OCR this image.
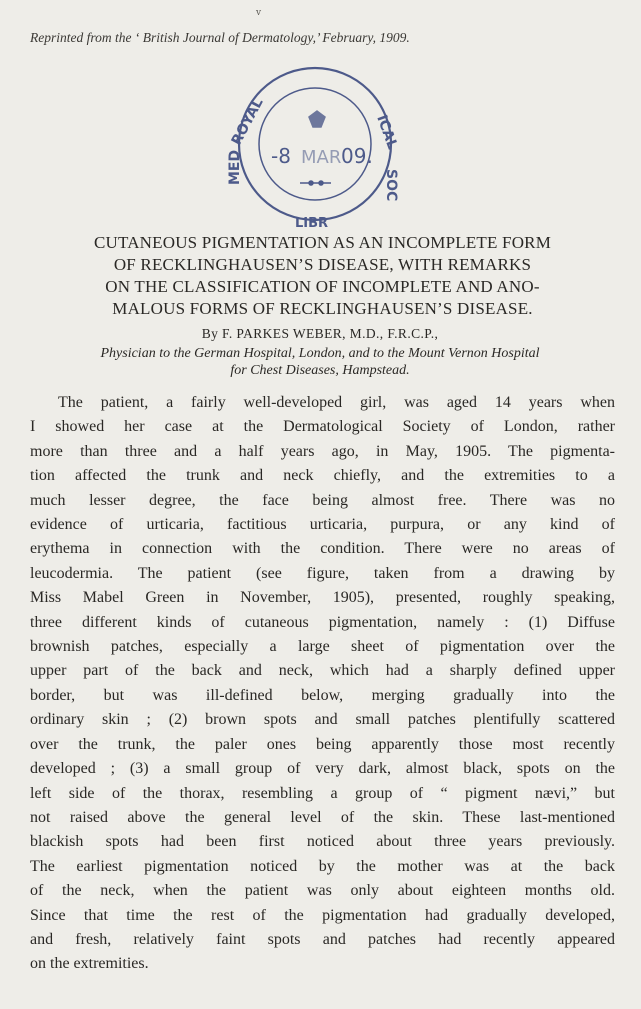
v
Reprinted from the ‘ British Journal of Dermatology,’ February, 1909.
ROYAL
MED
ICAL
SOC
LIBR
-8 MAR 09.
CUTANEOUS PIGMENTATION AS AN INCOMPLETE FORM
OF RECKLINGHAUSEN’S DISEASE, WITH REMARKS
ON THE CLASSIFICATION OF INCOMPLETE AND ANO-
MALOUS FORMS OF RECKLINGHAUSEN’S DISEASE.
By F. PARKES WEBER, M.D., F.R.C.P.,
Physician to the German Hospital, London, and to the Mount Vernon Hospital
for Chest Diseases, Hampstead.
The patient, a fairly well-developed girl, was aged 14 years when
I showed her case at the Dermatological Society of London, rather
more than three and a half years ago, in May, 1905. The pigmenta-
tion affected the trunk and neck chiefly, and the extremities to a
much lesser degree, the face being almost free. There was no
evidence of urticaria, factitious urticaria, purpura, or any kind of
erythema in connection with the condition. There were no areas of
leucodermia. The patient (see figure, taken from a drawing by
Miss Mabel Green in November, 1905), presented, roughly speaking,
three different kinds of cutaneous pigmentation, namely : (1) Diffuse
brownish patches, especially a large sheet of pigmentation over the
upper part of the back and neck, which had a sharply defined upper
border, but was ill-defined below, merging gradually into the
ordinary skin ; (2) brown spots and small patches plentifully scattered
over the trunk, the paler ones being apparently those most recently
developed ; (3) a small group of very dark, almost black, spots on the
left side of the thorax, resembling a group of “ pigment nævi,” but
not raised above the general level of the skin. These last-mentioned
blackish spots had been first noticed about three years previously.
The earliest pigmentation noticed by the mother was at the back
of the neck, when the patient was only about eighteen months old.
Since that time the rest of the pigmentation had gradually developed,
and fresh, relatively faint spots and patches had recently appeared
on the extremities.
